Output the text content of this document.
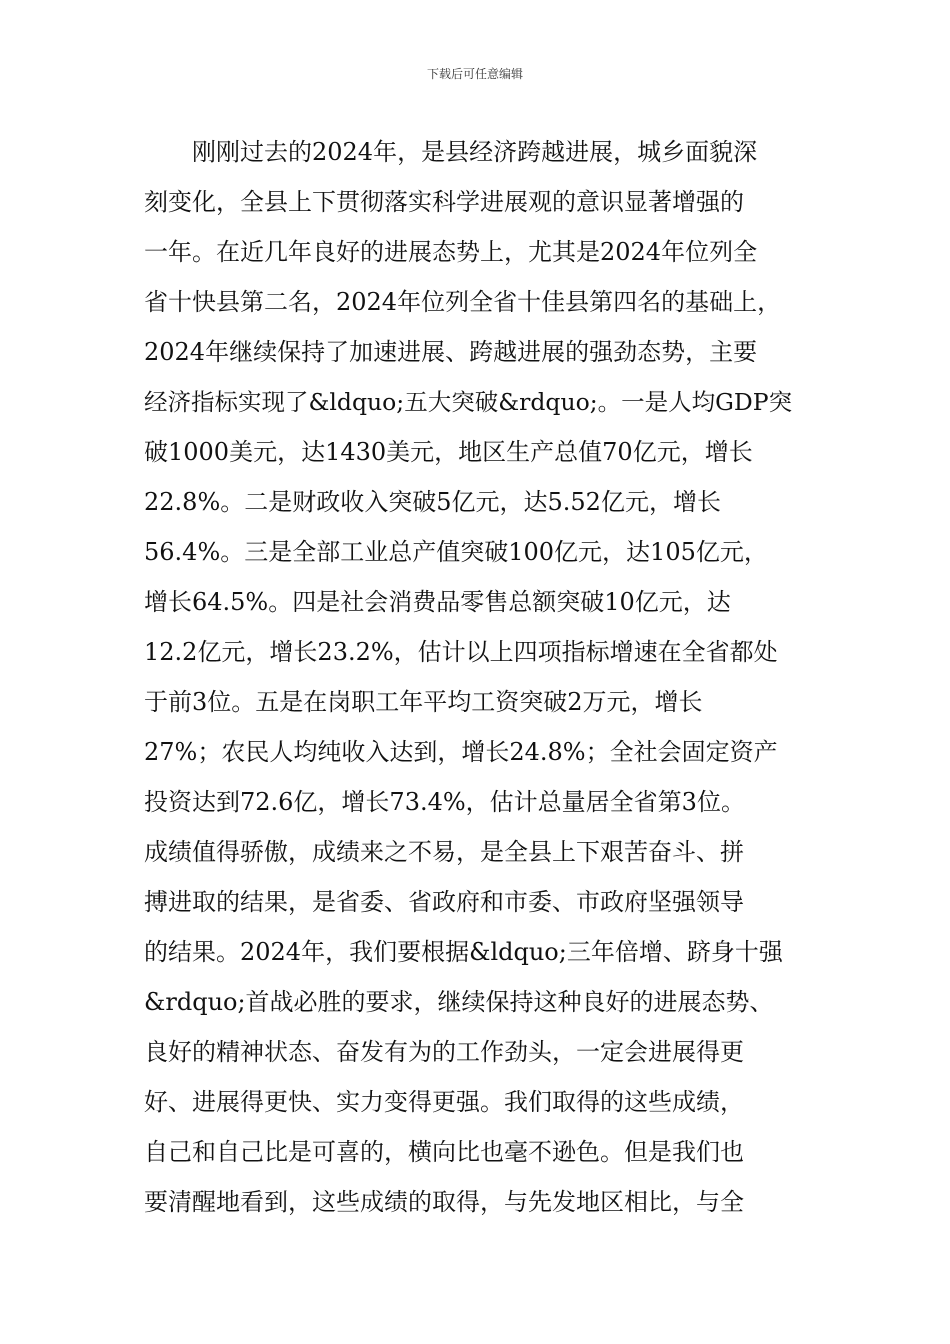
下载后可任意编辑
刚刚过去的2024年，是县经济跨越进展，城乡面貌深
刻变化，全县上下贯彻落实科学进展观的意识显著增强的
一年。在近几年良好的进展态势上，尤其是2024年位列全
省十快县第二名，2024年位列全省十佳县第四名的基础上，
2024年继续保持了加速进展、跨越进展的强劲态势，主要
经济指标实现了&ldquo;五大突破&rdquo;。一是人均GDP突
破1000美元，达1430美元，地区生产总值70亿元，增长
22.8%。二是财政收入突破5亿元，达5.52亿元，增长
56.4%。三是全部工业总产值突破100亿元，达105亿元，
增长64.5%。四是社会消费品零售总额突破10亿元，达
12.2亿元，增长23.2%，估计以上四项指标增速在全省都处
于前3位。五是在岗职工年平均工资突破2万元，增长
27%；农民人均纯收入达到，增长24.8%；全社会固定资产
投资达到72.6亿，增长73.4%，估计总量居全省第3位。
成绩值得骄傲，成绩来之不易，是全县上下艰苦奋斗、拼
搏进取的结果，是省委、省政府和市委、市政府坚强领导
的结果。2024年，我们要根据&ldquo;三年倍增、跻身十强
&rdquo;首战必胜的要求，继续保持这种良好的进展态势、
良好的精神状态、奋发有为的工作劲头，一定会进展得更
好、进展得更快、实力变得更强。我们取得的这些成绩，
自己和自己比是可喜的，横向比也毫不逊色。但是我们也
要清醒地看到，这些成绩的取得，与先发地区相比，与全
